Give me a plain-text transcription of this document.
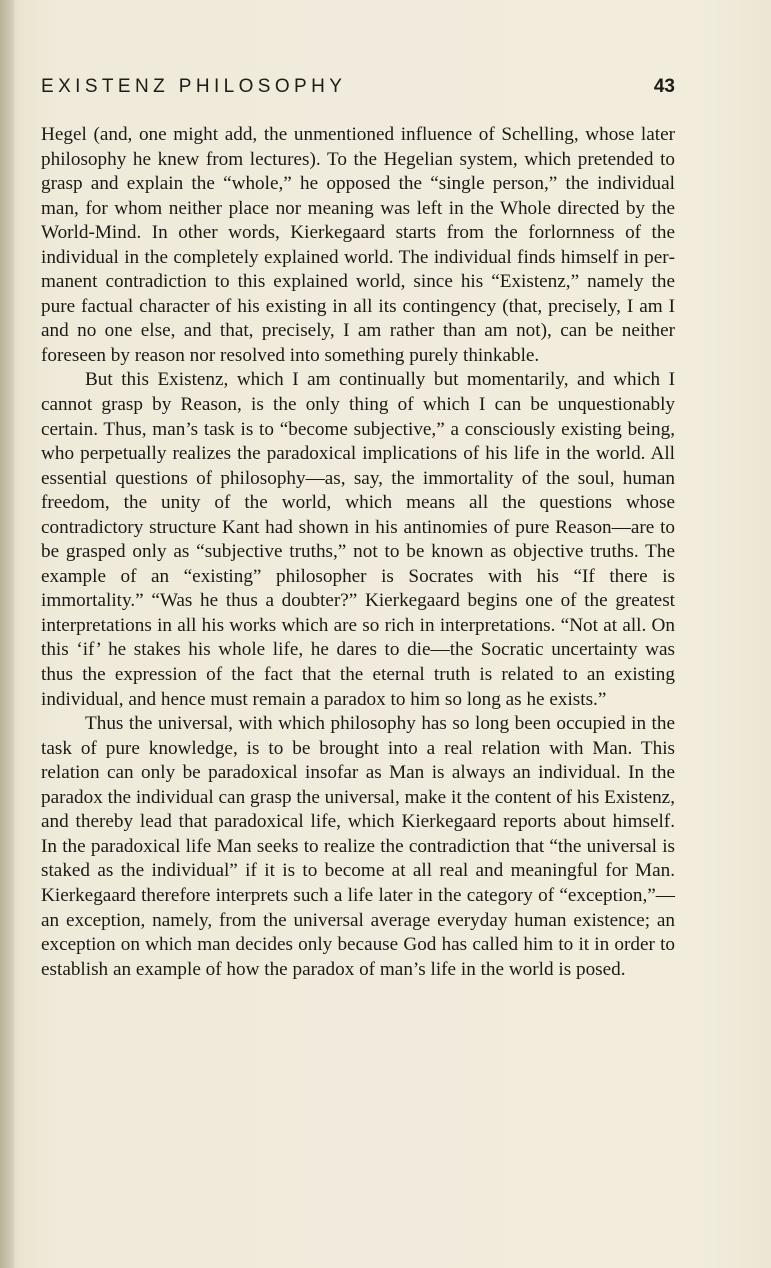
EXISTENZ PHILOSOPHY	43

Hegel (and, one might add, the unmentioned influence of Schelling, whose later philosophy he knew from lectures). To the Hegelian system, which pretended to grasp and explain the “whole,” he opposed the “single person,” the individual man, for whom neither place nor meaning was left in the Whole directed by the World-Mind. In other words, Kierkegaard starts from the forlornness of the individual in the completely explained world. The individual finds himself in permanent contradiction to this explained world, since his “Existenz,” namely the pure factual character of his existing in all its contingency (that, precisely, I am I and no one else, and that, precisely, I am rather than am not), can be neither foreseen by reason nor resolved into something purely thinkable.

But this Existenz, which I am continually but momentarily, and which I cannot grasp by Reason, is the only thing of which I can be unquestionably certain. Thus, man’s task is to “become subjective,” a consciously existing being, who perpetually realizes the paradoxical implications of his life in the world. All essential questions of philosophy—as, say, the immortality of the soul, human freedom, the unity of the world, which means all the questions whose contradictory structure Kant had shown in his antinomies of pure Reason—are to be grasped only as “subjective truths,” not to be known as objective truths. The example of an “existing” philosopher is Socrates with his “If there is immortality.” “Was he thus a doubter?” Kierkegaard begins one of the greatest interpretations in all his works which are so rich in interpretations. “Not at all. On this ‘if’ he stakes his whole life, he dares to die—the Socratic uncertainty was thus the expression of the fact that the eternal truth is related to an existing individual, and hence must remain a paradox to him so long as he exists.”

Thus the universal, with which philosophy has so long been occupied in the task of pure knowledge, is to be brought into a real relation with Man. This relation can only be paradoxical insofar as Man is always an individual. In the paradox the individual can grasp the universal, make it the content of his Existenz, and thereby lead that paradoxical life, which Kierkegaard reports about himself. In the paradoxical life Man seeks to realize the contradiction that “the universal is staked as the individual” if it is to become at all real and meaningful for Man. Kierkegaard therefore interprets such a life later in the category of “exception,”—an exception, namely, from the universal average everyday human existence; an exception on which man decides only because God has called him to it in order to establish an example of how the paradox of man’s life in the world is posed.
